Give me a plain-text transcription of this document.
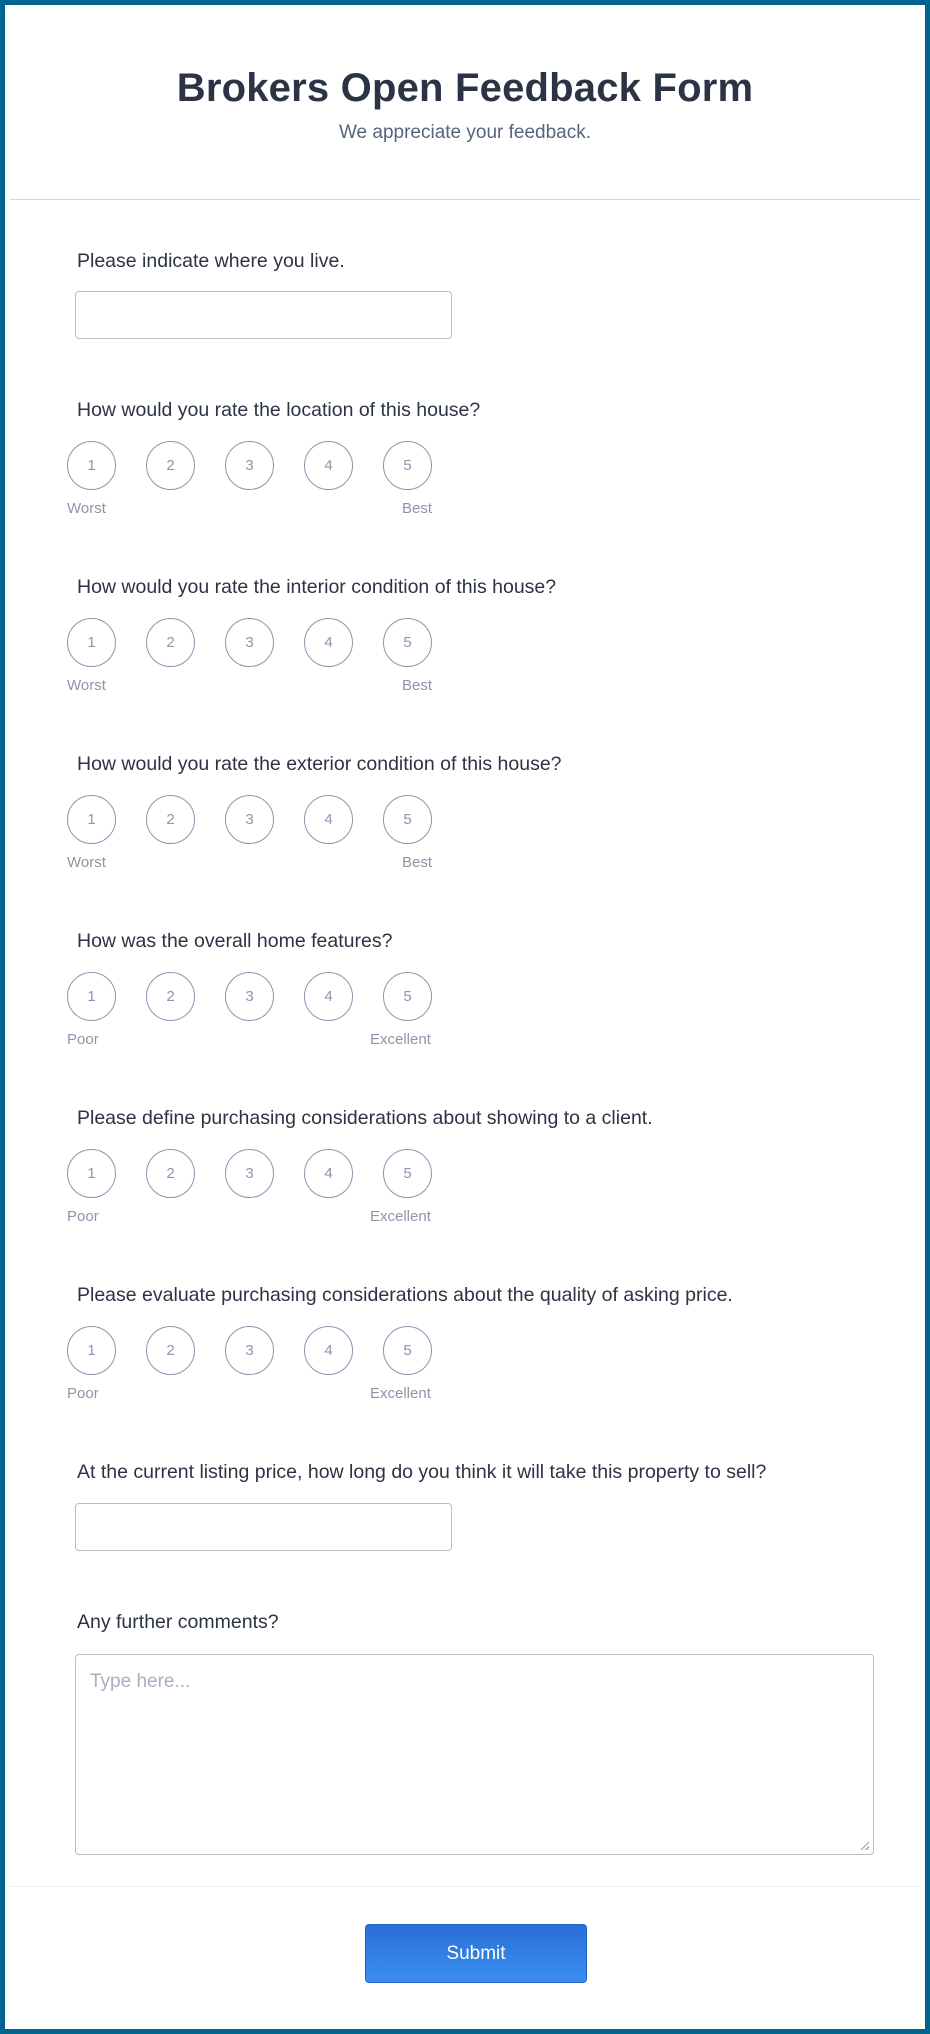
Brokers Open Feedback Form
We appreciate your feedback.
Please indicate where you live.
How would you rate the location of this house?
1	2	3	4	5
Worst	Best
How would you rate the interior condition of this house?
1	2	3	4	5
Worst	Best
How would you rate the exterior condition of this house?
1	2	3	4	5
Worst	Best
How was the overall home features?
1	2	3	4	5
Poor	Excellent
Please define purchasing considerations about showing to a client.
1	2	3	4	5
Poor	Excellent
Please evaluate purchasing considerations about the quality of asking price.
1	2	3	4	5
Poor	Excellent
At the current listing price, how long do you think it will take this property to sell?
Any further comments?
Type here...
Submit
